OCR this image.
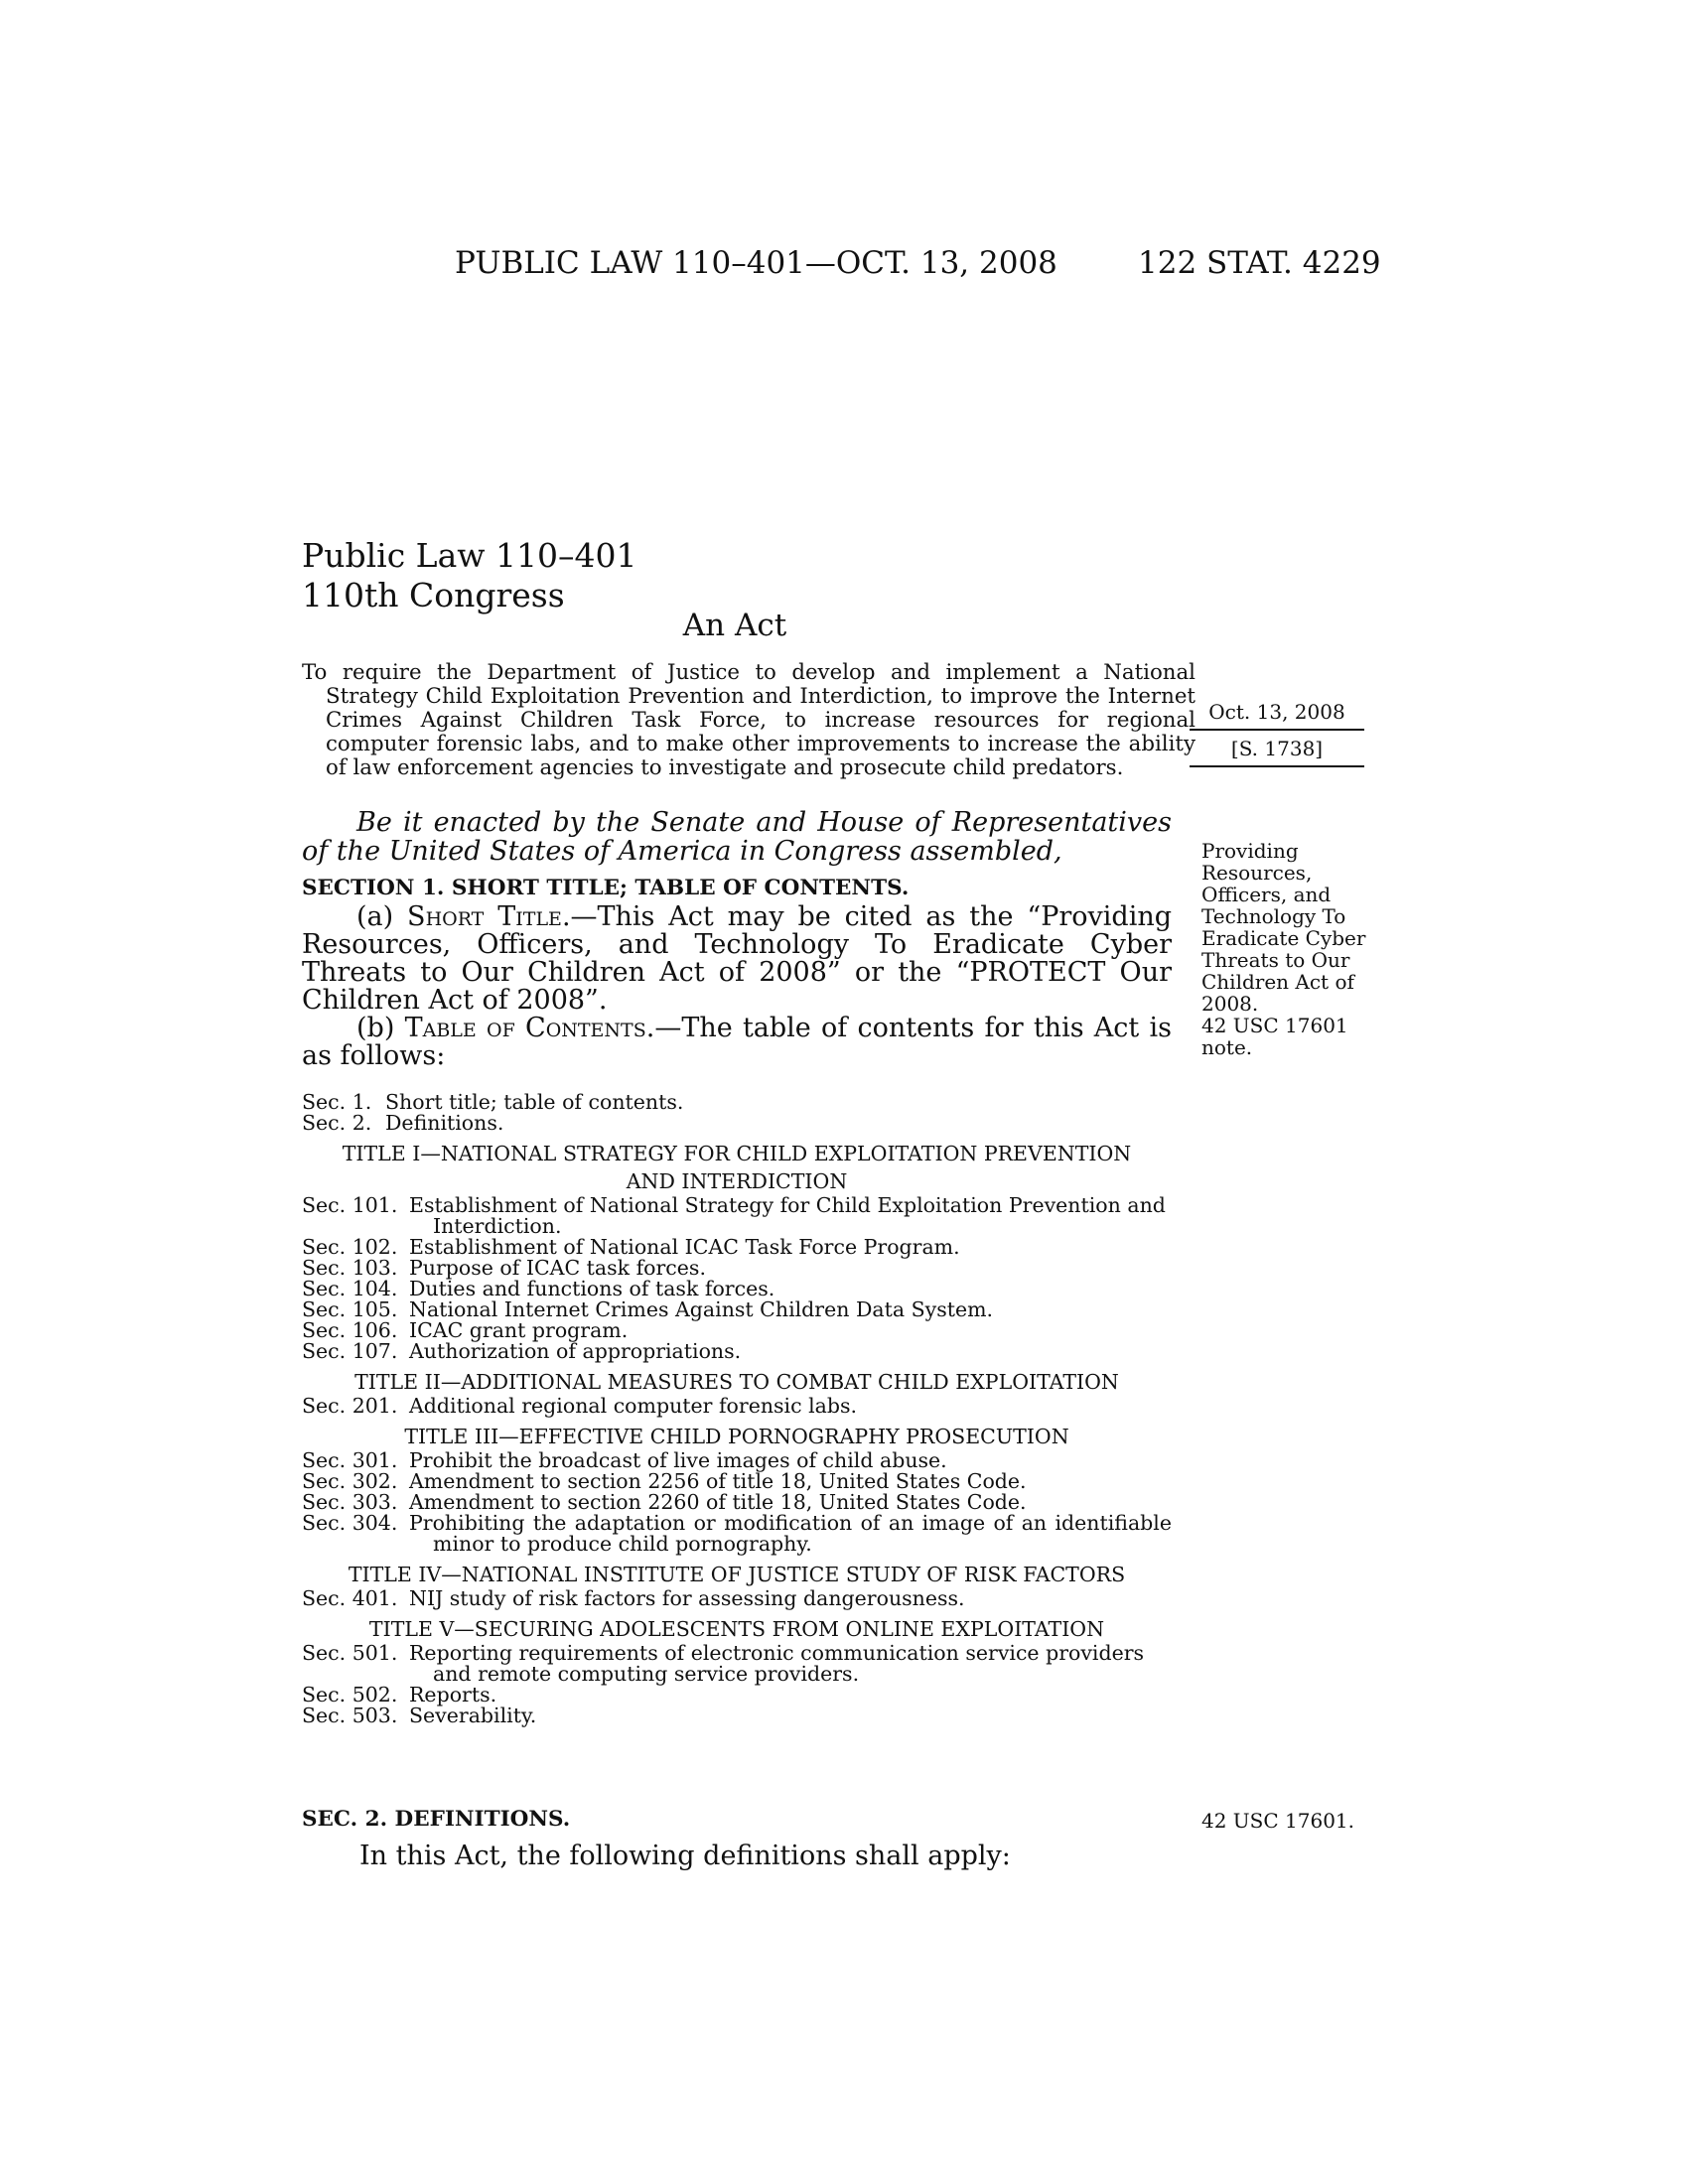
PUBLIC LAW 110–401—OCT. 13, 2008	122 STAT. 4229
Public Law 110–401
110th Congress
An Act
To require the Department of Justice to develop and implement a National Strategy Child Exploitation Prevention and Interdiction, to improve the Internet Crimes Against Children Task Force, to increase resources for regional computer forensic labs, and to make other improvements to increase the ability of law enforcement agencies to investigate and prosecute child predators.
Oct. 13, 2008
[S. 1738]
Be it enacted by the Senate and House of Representatives of the United States of America in Congress assembled,
SECTION 1. SHORT TITLE; TABLE OF CONTENTS.
(a) Short Title.—This Act may be cited as the “Providing Resources, Officers, and Technology To Eradicate Cyber Threats to Our Children Act of 2008” or the “PROTECT Our Children Act of 2008”.
(b) Table of Contents.—The table of contents for this Act is as follows:
Providing Resources, Officers, and Technology To Eradicate Cyber Threats to Our Children Act of 2008.
42 USC 17601 note.
Sec. 1. Short title; table of contents.
Sec. 2. Definitions.
TITLE I—NATIONAL STRATEGY FOR CHILD EXPLOITATION PREVENTION AND INTERDICTION
Sec. 101. Establishment of National Strategy for Child Exploitation Prevention and Interdiction.
Sec. 102. Establishment of National ICAC Task Force Program.
Sec. 103. Purpose of ICAC task forces.
Sec. 104. Duties and functions of task forces.
Sec. 105. National Internet Crimes Against Children Data System.
Sec. 106. ICAC grant program.
Sec. 107. Authorization of appropriations.
TITLE II—ADDITIONAL MEASURES TO COMBAT CHILD EXPLOITATION
Sec. 201. Additional regional computer forensic labs.
TITLE III—EFFECTIVE CHILD PORNOGRAPHY PROSECUTION
Sec. 301. Prohibit the broadcast of live images of child abuse.
Sec. 302. Amendment to section 2256 of title 18, United States Code.
Sec. 303. Amendment to section 2260 of title 18, United States Code.
Sec. 304. Prohibiting the adaptation or modification of an image of an identifiable minor to produce child pornography.
TITLE IV—NATIONAL INSTITUTE OF JUSTICE STUDY OF RISK FACTORS
Sec. 401. NIJ study of risk factors for assessing dangerousness.
TITLE V—SECURING ADOLESCENTS FROM ONLINE EXPLOITATION
Sec. 501. Reporting requirements of electronic communication service providers and remote computing service providers.
Sec. 502. Reports.
Sec. 503. Severability.
SEC. 2. DEFINITIONS.	42 USC 17601.
In this Act, the following definitions shall apply:
